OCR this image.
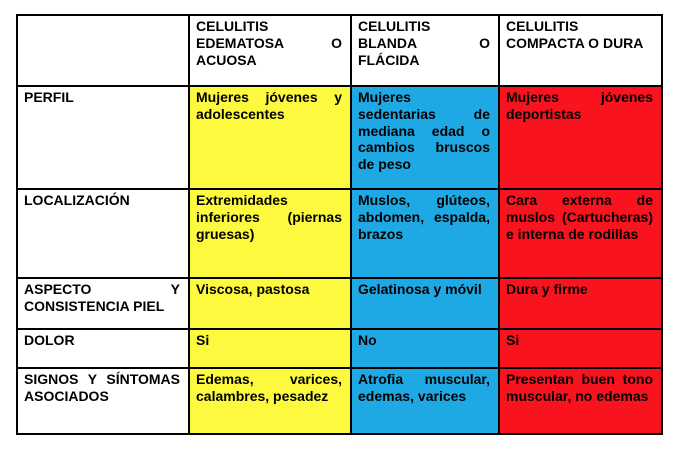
	CELULITIS EDEMATOSA O ACUOSA	CELULITIS BLANDA O FLÁCIDA	CELULITIS COMPACTA O DURA
PERFIL	Mujeres jóvenes y adolescentes	Mujeres sedentarias de mediana edad o cambios bruscos de peso	Mujeres jóvenes deportistas
LOCALIZACIÓN	Extremidades inferiores (piernas gruesas)	Muslos, glúteos, abdomen, espalda, brazos	Cara externa de muslos (Cartucheras) e interna de rodillas
ASPECTO Y CONSISTENCIA PIEL	Viscosa, pastosa	Gelatinosa y móvil	Dura y firme
DOLOR	Si	No	Si
SIGNOS Y SÍNTOMAS ASOCIADOS	Edemas, varices, calambres, pesadez	Atrofia muscular, edemas, varices	Presentan buen tono muscular, no edemas
